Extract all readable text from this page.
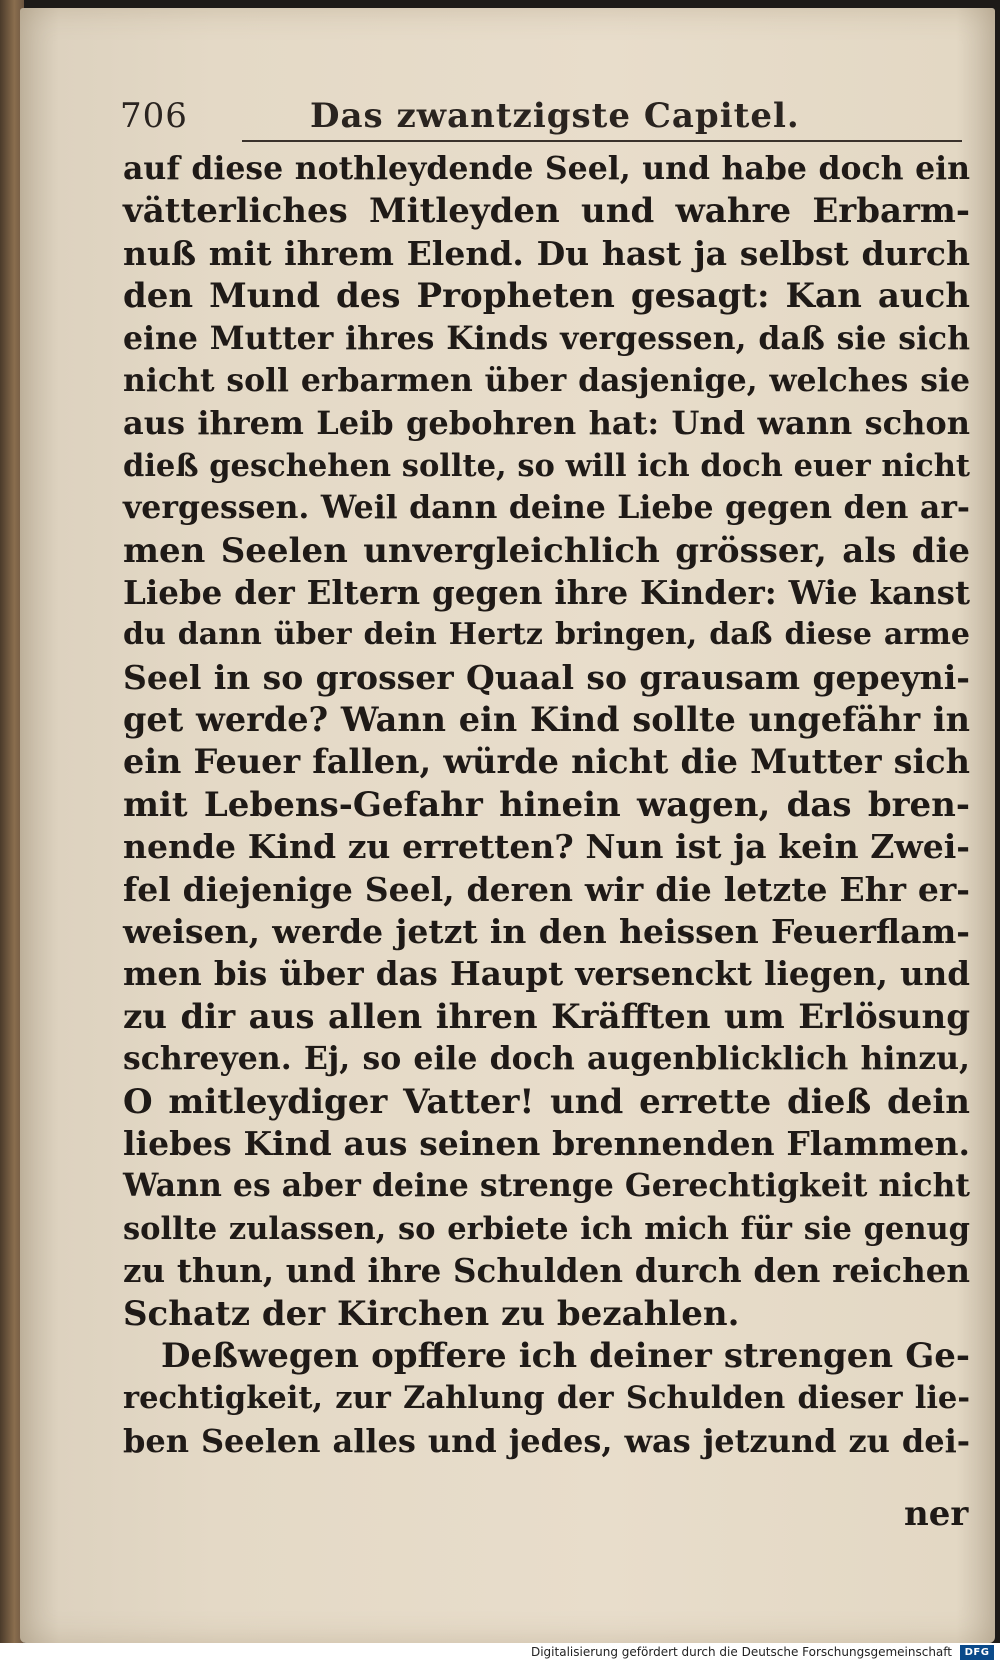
706	Das zwantzigste Capitel.
auf diese nothleydende Seel, und habe doch ein
vätterliches Mitleyden und wahre Erbarm-
nuß mit ihrem Elend. Du hast ja selbst durch
den Mund des Propheten gesagt: Kan auch
eine Mutter ihres Kinds vergessen, daß sie sich
nicht soll erbarmen über dasjenige, welches sie
aus ihrem Leib gebohren hat: Und wann schon
dieß geschehen sollte, so will ich doch euer nicht
vergessen. Weil dann deine Liebe gegen den ar-
men Seelen unvergleichlich grösser, als die
Liebe der Eltern gegen ihre Kinder: Wie kanst
du dann über dein Hertz bringen, daß diese arme
Seel in so grosser Quaal so grausam gepeyni-
get werde? Wann ein Kind sollte ungefähr in
ein Feuer fallen, würde nicht die Mutter sich
mit Lebens-Gefahr hinein wagen, das bren-
nende Kind zu erretten? Nun ist ja kein Zwei-
fel diejenige Seel, deren wir die letzte Ehr er-
weisen, werde jetzt in den heissen Feuerflam-
men bis über das Haupt versenckt liegen, und
zu dir aus allen ihren Kräfften um Erlösung
schreyen. Ej, so eile doch augenblicklich hinzu,
O mitleydiger Vatter! und errette dieß dein
liebes Kind aus seinen brennenden Flammen.
Wann es aber deine strenge Gerechtigkeit nicht
sollte zulassen, so erbiete ich mich für sie genug
zu thun, und ihre Schulden durch den reichen
Schatz der Kirchen zu bezahlen.
Deßwegen opffere ich deiner strengen Ge-
rechtigkeit, zur Zahlung der Schulden dieser lie-
ben Seelen alles und jedes, was jetzund zu dei-
ner
Digitalisierung gefördert durch die Deutsche Forschungsgemeinschaft	DFG
